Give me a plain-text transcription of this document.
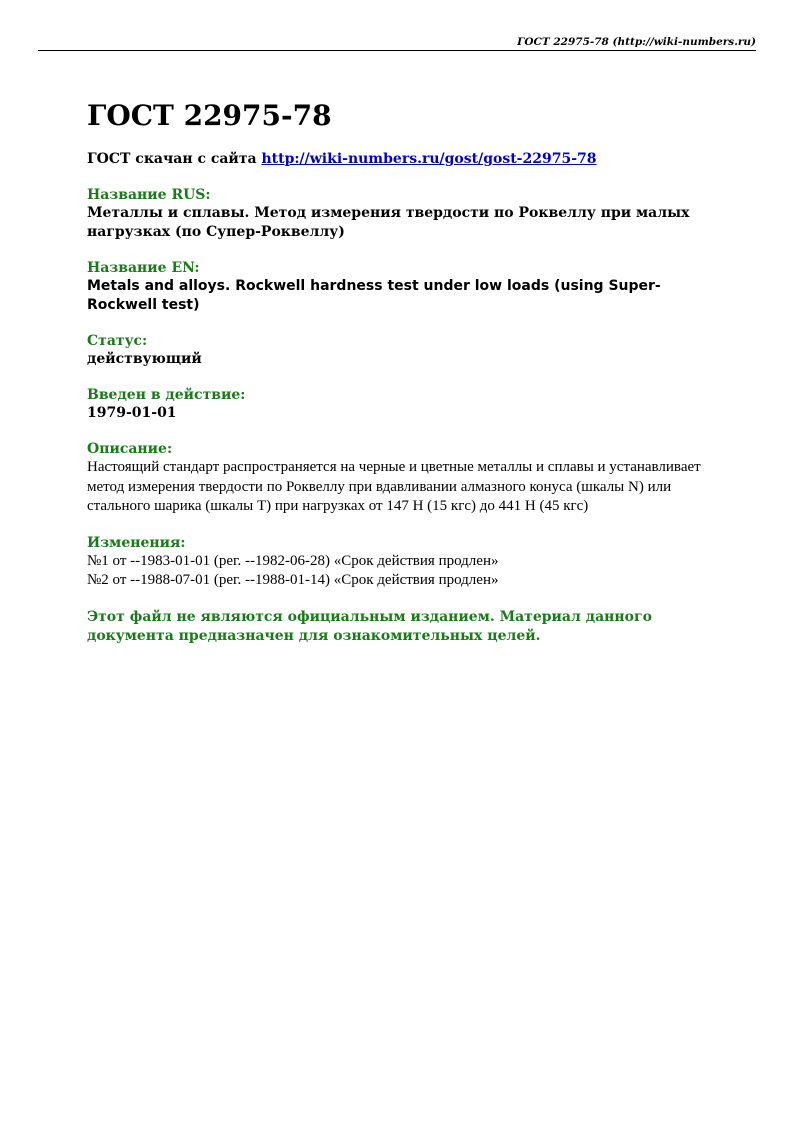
ГОСТ 22975-78 (http://wiki-numbers.ru)
ГОСТ 22975-78
ГОСТ скачан с сайта http://wiki-numbers.ru/gost/gost-22975-78
Название RUS:
Металлы и сплавы. Метод измерения твердости по Роквеллу при малых нагрузках (по Супер-Роквеллу)
Название EN:
Metals and alloys. Rockwell hardness test under low loads (using Super-Rockwell test)
Статус:
действующий
Введен в действие:
1979-01-01
Описание:
Настоящий стандарт распространяется на черные и цветные металлы и сплавы и устанавливает метод измерения твердости по Роквеллу при вдавливании алмазного конуса (шкалы N) или стального шарика (шкалы T) при нагрузках от 147 Н (15 кгс) до 441 Н (45 кгс)
Изменения:
№1 от --1983-01-01 (рег. --1982-06-28) «Срок действия продлен»
№2 от --1988-07-01 (рег. --1988-01-14) «Срок действия продлен»
Этот файл не являются официальным изданием. Материал данного документа предназначен для ознакомительных целей.
